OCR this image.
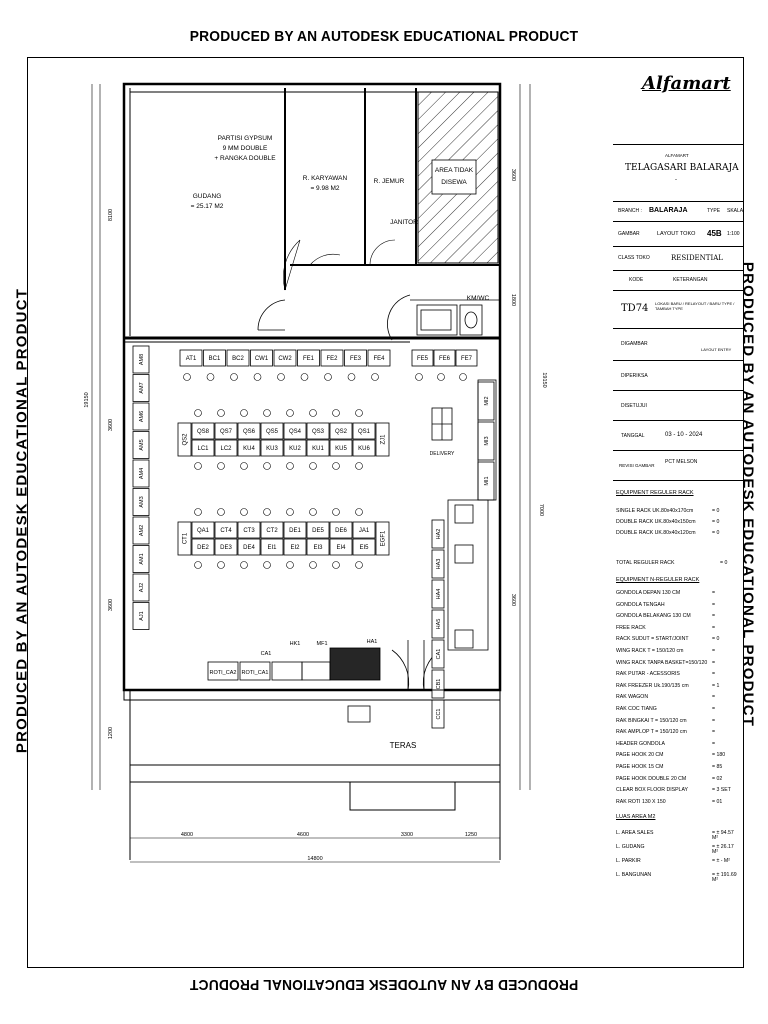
PRODUCED BY AN AUTODESK EDUCATIONAL PRODUCT
PRODUCED BY AN AUTODESK EDUCATIONAL PRODUCT
PRODUCED BY AN AUTODESK EDUCATIONAL PRODUCT	PRODUCED BY AN AUTODESK EDUCATIONAL PRODUCT
PARTISI GYPSUM
9 MM DOUBLE
+ RANGKA DOUBLE
GUDANG
= 25.17 M2
R. KARYAWAN
= 9.98 M2
R. JEMUR
AREA TIDAK
DISEWA
JANITOR
KM/WC
TERAS
DELIVERY
AT1 BC1 BC2 CW1 CW2 FE1 FE2 FE3 FE4	FE5 FE6 FE7
AM8
AM7
AM6
AM5
AM4
AM3
AM2
AM1
AJ2
AJ1
QS8 QS7 QS6 QS5 QS4 QS3 QS2 QS1
LC1 LC2 KU4 KU3 KU2 KU1 KU5 KU6
QS2	ZJ1
QA1 CT4 CT3 CT2 DE1 DE5 DE6 JA1
DE2 DE3 DE4 EI1 EI2 EI3 EI4 EI5
CT1	EGF1
MI2
MI3
MI1
HA2
HA3
HA4
HA5
CA1
CB1
CC1
ROTI_CA2 ROTI_CA1
CA1
HK1	MF1	HA1
4800	4600	3300	1250
14800
19150
8100
3600
3600
1200
19150
3600
1800
7000
3600
Alfamart
ALFAMART
TELAGASARI BALARAJA
-
BRANCH : BALARAJA	TYPE SKALA
GAMBAR	LAYOUT TOKO 45B 1:100
CLASS TOKO	RESIDENTIAL
KODE	KETERANGAN
TD74 LOKASI BARU / RELAYOUT / BARU TYPE / TAMBAH TYPE
DIGAMBAR
LAYOUT ENTRY
DIPERIKSA
DISETUJUI
TANGGAL	03 - 10 - 2024
REVISI GAMBAR
PCT MELSON
EQUIPMENT REGULER RACK
SINGLE RACK UK.80x40x170cm	= 0
DOUBLE RACK UK.80x40x150cm	= 0
DOUBLE RACK UK.80x40x120cm	= 0
TOTAL REGULER RACK	= 0
EQUIPMENT N-REGULER RACK
GONDOLA DEPAN 130 CM	=
GONDOLA TENGAH	=
GONDOLA BELAKANG 130 CM	=
FREE RACK	=
RACK SUDUT = START/JOINT	= 0
WING RACK T = 150/120 cm	=
WING RACK TANPA BASKET=150/120 =
RAK PUTAR - ACESSORIS	=
RAK FREEZER Uk.190/135 cm	= 1
RAK WAGON	=
RAK COC TIANG	=
RAK BINGKAI T = 150/120 cm	=
RAK AMPLOP T = 150/120 cm	=
HEADER GONDOLA	=
PAGE HOOK 20 CM	= 180
PAGE HOOK 15 CM	= 85
PAGE HOOK DOUBLE 20 CM	= 02
CLEAR BOX FLOOR DISPLAY	= 3 SET
RAK ROTI 130 X 150	= 01
LUAS AREA M2
L. AREA SALES	= ± 94.57 M²
L. GUDANG	= ± 26.17 M²
L. PARKIR	= ± - M²
L. BANGUNAN	= ± 191.69 M²
